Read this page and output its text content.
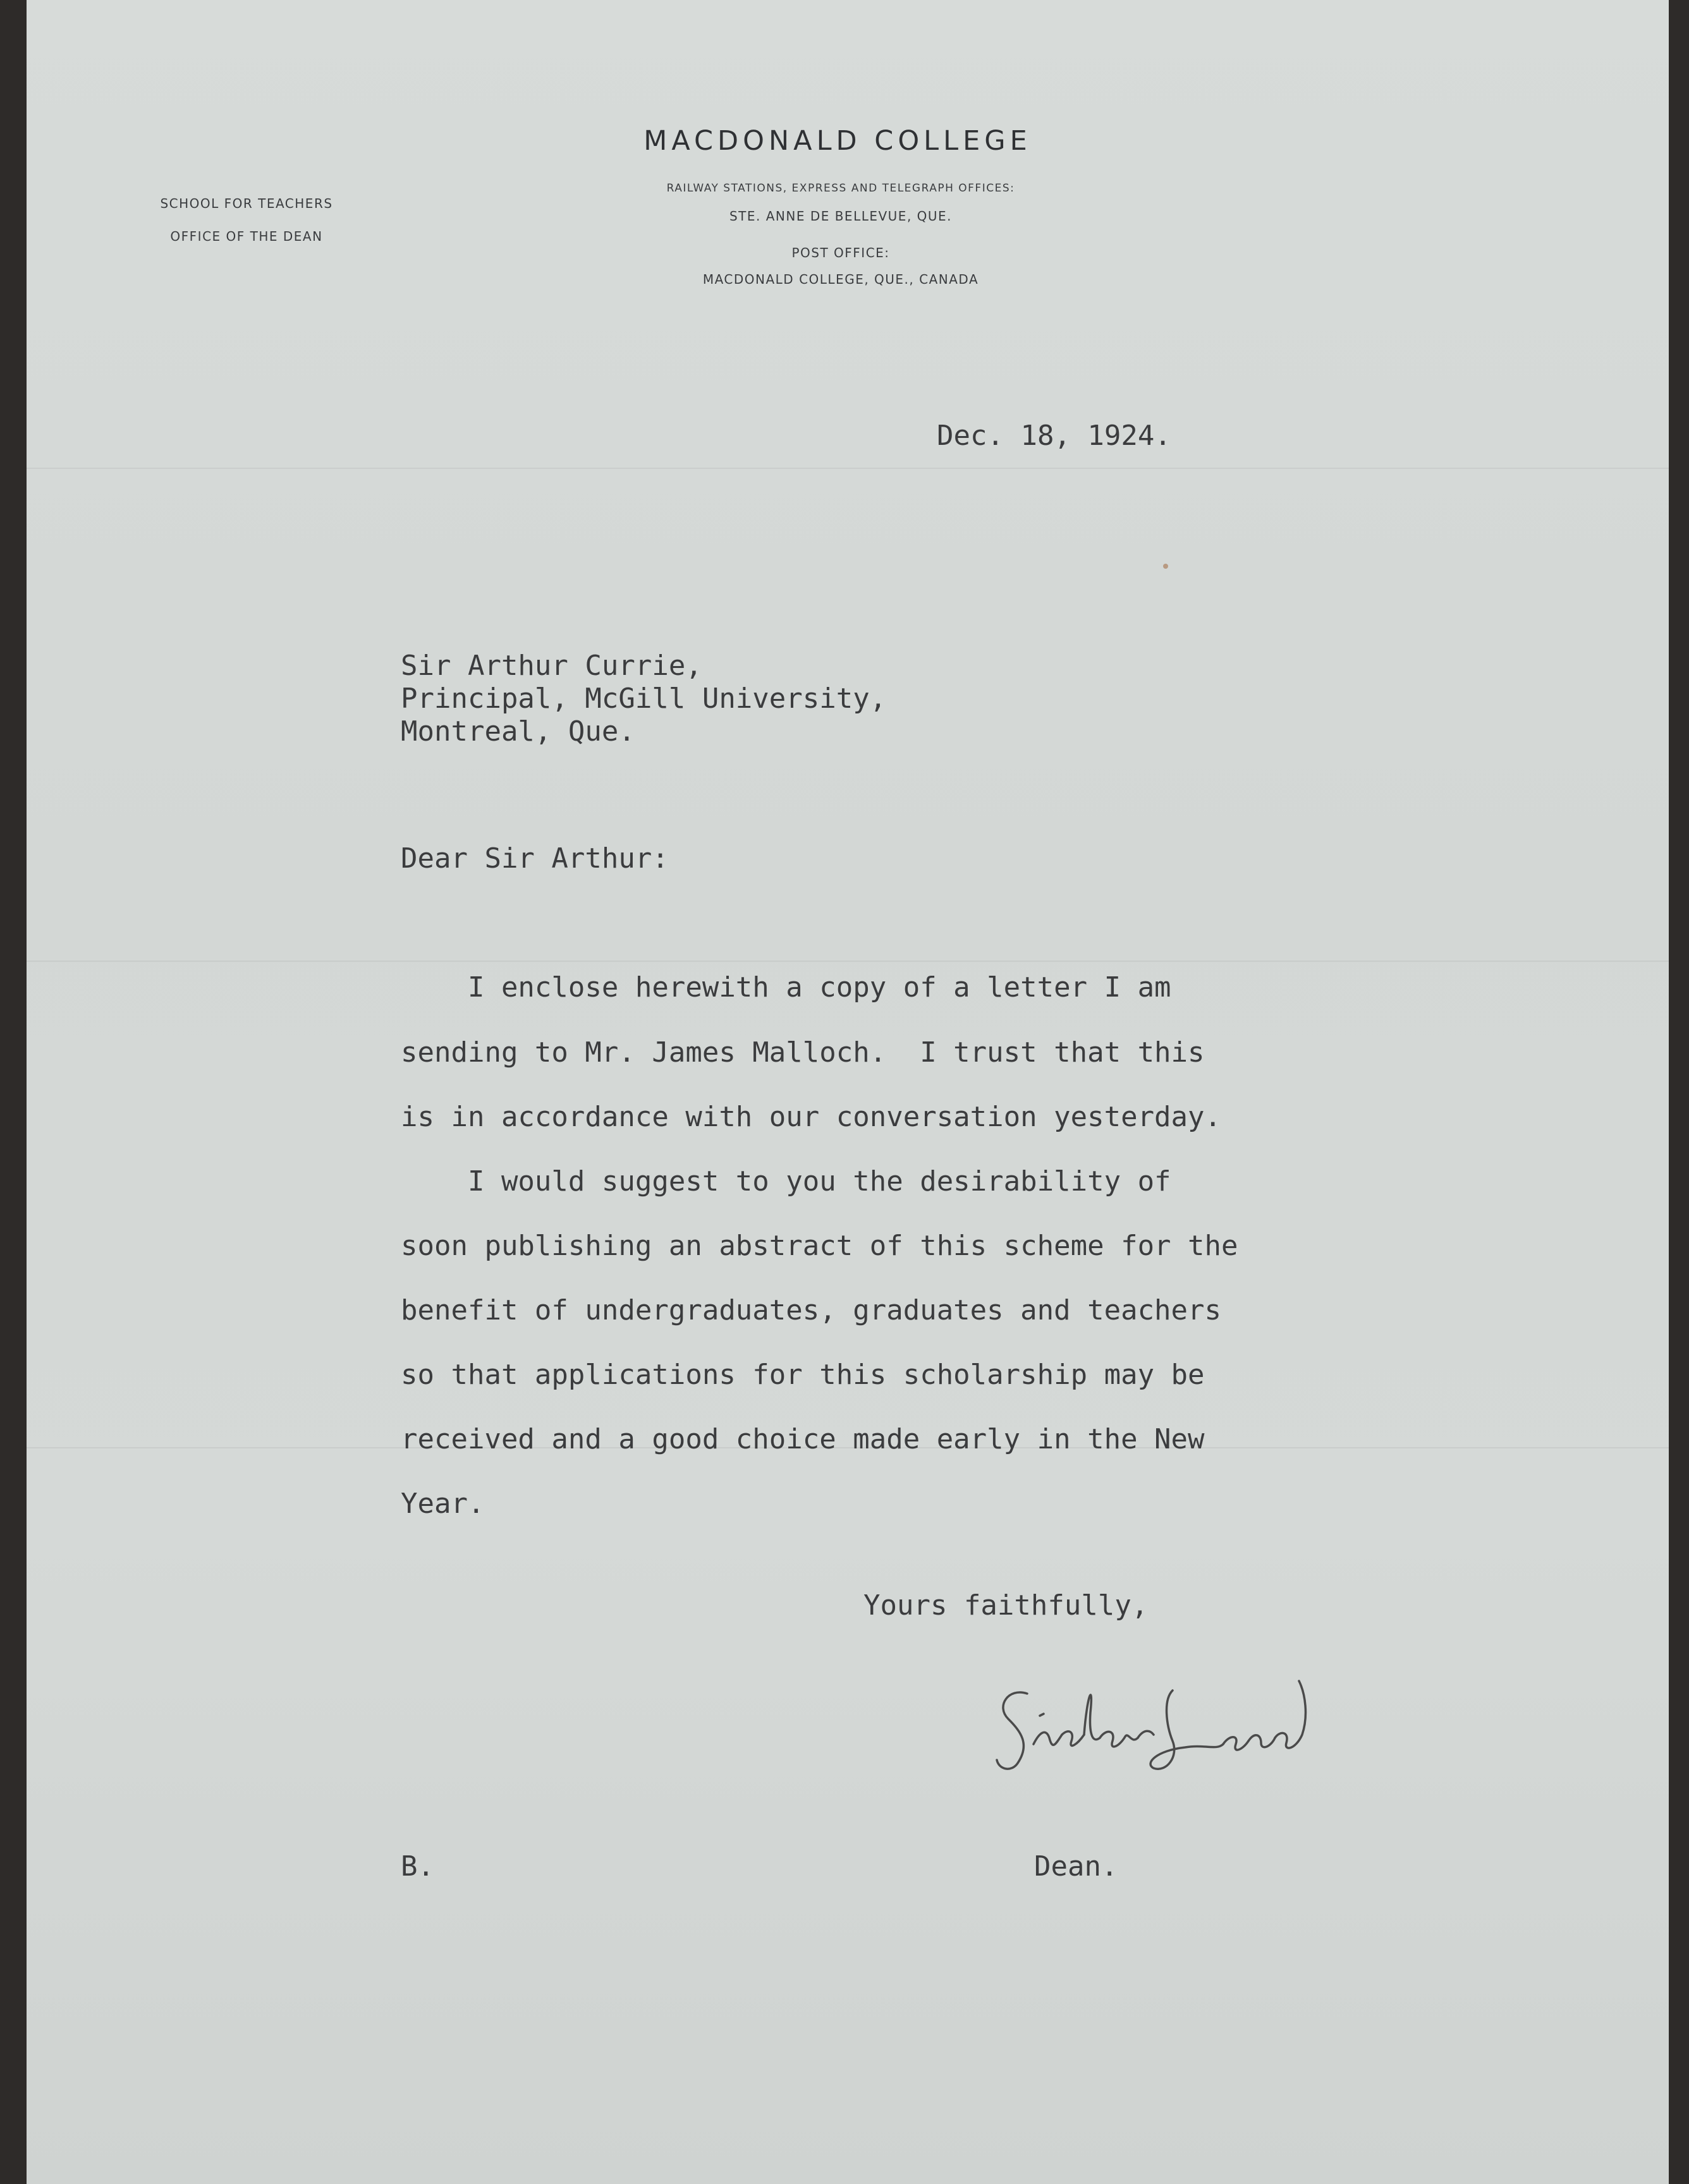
MACDONALD COLLEGE
SCHOOL FOR TEACHERS
OFFICE OF THE DEAN
RAILWAY STATIONS, EXPRESS AND TELEGRAPH OFFICES:
STE. ANNE DE BELLEVUE, QUE.
POST OFFICE:
MACDONALD COLLEGE, QUE., CANADA
Dec. 18, 1924.
Sir Arthur Currie,
Principal, McGill University,
Montreal, Que.
Dear Sir Arthur:
I enclose herewith a copy of a letter I am
sending to Mr. James Malloch.  I trust that this
is in accordance with our conversation yesterday.
I would suggest to you the desirability of
soon publishing an abstract of this scheme for the
benefit of undergraduates, graduates and teachers
so that applications for this scholarship may be
received and a good choice made early in the New
Year.
Yours faithfully,
B.	Dean.
